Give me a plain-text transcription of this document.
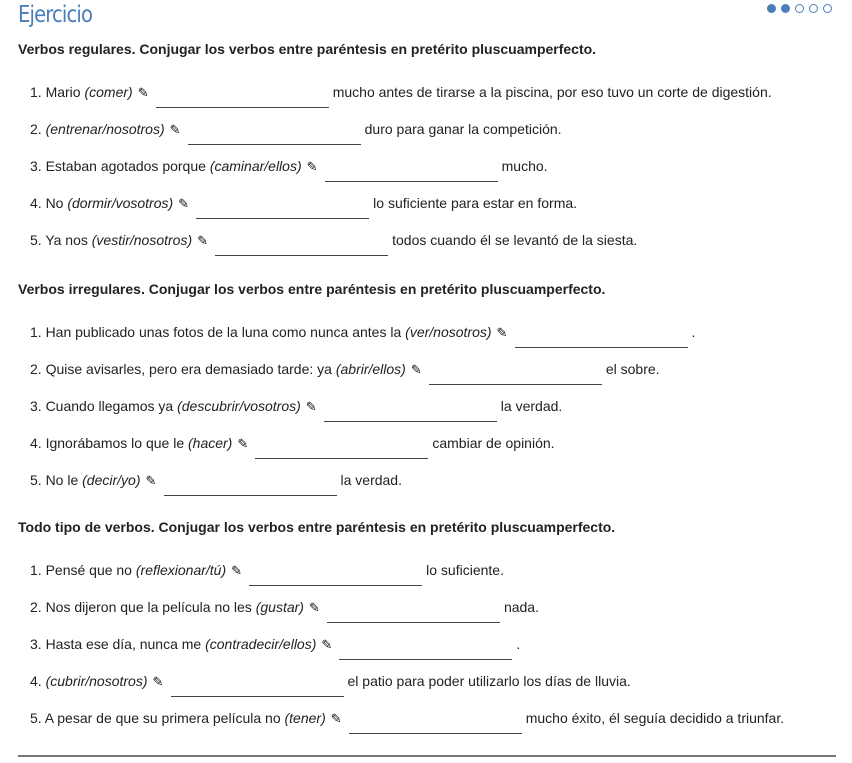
Ejercicio

Verbos regulares. Conjugar los verbos entre paréntesis en pretérito pluscuamperfecto.

1. Mario (comer) ✎	mucho antes de tirarse a la piscina, por eso tuvo un corte de digestión.
2. (entrenar/nosotros) ✎	duro para ganar la competición.
3. Estaban agotados porque (caminar/ellos) ✎	mucho.
4. No (dormir/vosotros) ✎	lo suficiente para estar en forma.
5. Ya nos (vestir/nosotros) ✎	todos cuando él se levantó de la siesta.

Verbos irregulares. Conjugar los verbos entre paréntesis en pretérito pluscuamperfecto.

1. Han publicado unas fotos de la luna como nunca antes la (ver/nosotros) ✎	.
2. Quise avisarles, pero era demasiado tarde: ya (abrir/ellos) ✎	el sobre.
3. Cuando llegamos ya (descubrir/vosotros) ✎	la verdad.
4. Ignorábamos lo que le (hacer) ✎	cambiar de opinión.
5. No le (decir/yo) ✎	la verdad.

Todo tipo de verbos. Conjugar los verbos entre paréntesis en pretérito pluscuamperfecto.

1. Pensé que no (reflexionar/tú) ✎	lo suficiente.
2. Nos dijeron que la película no les (gustar) ✎	nada.
3. Hasta ese día, nunca me (contradecir/ellos) ✎	.
4. (cubrir/nosotros) ✎	el patio para poder utilizarlo los días de lluvia.
5. A pesar de que su primera película no (tener) ✎	mucho éxito, él seguía decidido a triunfar.
